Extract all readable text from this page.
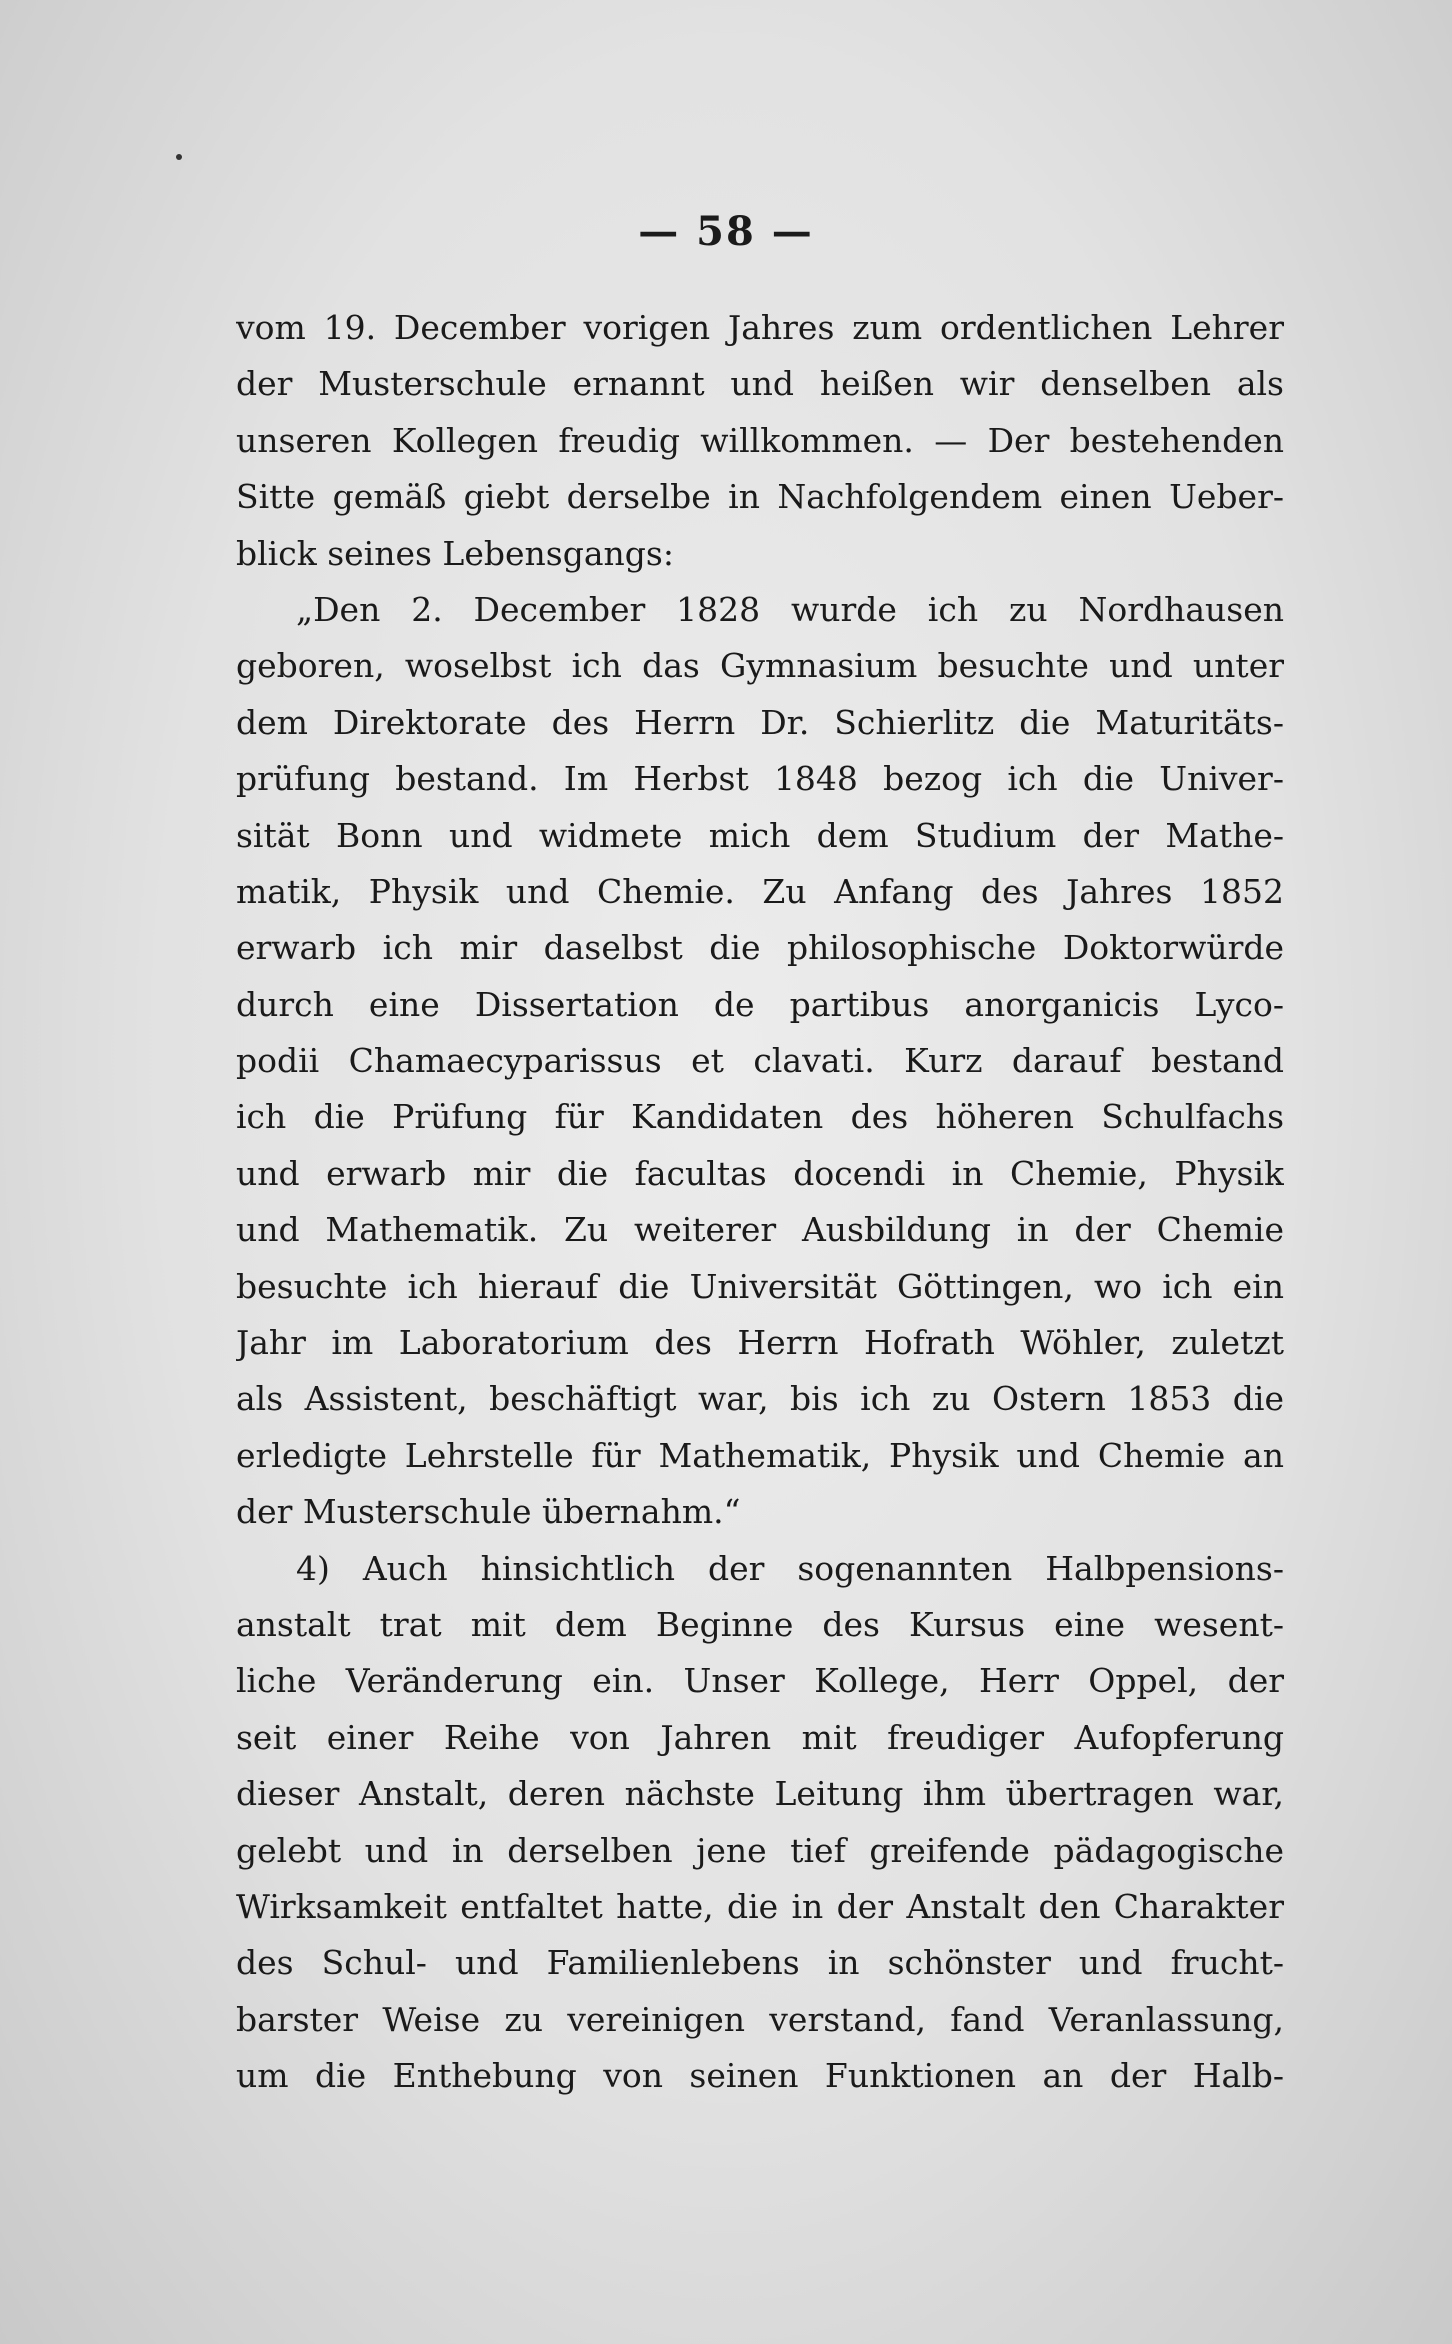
— 58 —
vom 19. December vorigen Jahres zum ordentlichen Lehrer
der Musterschule ernannt und heißen wir denselben als
unseren Kollegen freudig willkommen. — Der bestehenden
Sitte gemäß giebt derselbe in Nachfolgendem einen Ueber-
blick seines Lebensgangs:
„Den 2. December 1828 wurde ich zu Nordhausen
geboren, woselbst ich das Gymnasium besuchte und unter
dem Direktorate des Herrn Dr. Schierlitz die Maturitäts-
prüfung bestand. Im Herbst 1848 bezog ich die Univer-
sität Bonn und widmete mich dem Studium der Mathe-
matik, Physik und Chemie. Zu Anfang des Jahres 1852
erwarb ich mir daselbst die philosophische Doktorwürde
durch eine Dissertation de partibus anorganicis Lyco-
podii Chamaecyparissus et clavati. Kurz darauf bestand
ich die Prüfung für Kandidaten des höheren Schulfachs
und erwarb mir die facultas docendi in Chemie, Physik
und Mathematik. Zu weiterer Ausbildung in der Chemie
besuchte ich hierauf die Universität Göttingen, wo ich ein
Jahr im Laboratorium des Herrn Hofrath Wöhler, zuletzt
als Assistent, beschäftigt war, bis ich zu Ostern 1853 die
erledigte Lehrstelle für Mathematik, Physik und Chemie an
der Musterschule übernahm.“
4) Auch hinsichtlich der sogenannten Halbpensions-
anstalt trat mit dem Beginne des Kursus eine wesent-
liche Veränderung ein. Unser Kollege, Herr Oppel, der
seit einer Reihe von Jahren mit freudiger Aufopferung
dieser Anstalt, deren nächste Leitung ihm übertragen war,
gelebt und in derselben jene tief greifende pädagogische
Wirksamkeit entfaltet hatte, die in der Anstalt den Charakter
des Schul- und Familienlebens in schönster und frucht-
barster Weise zu vereinigen verstand, fand Veranlassung,
um die Enthebung von seinen Funktionen an der Halb-
